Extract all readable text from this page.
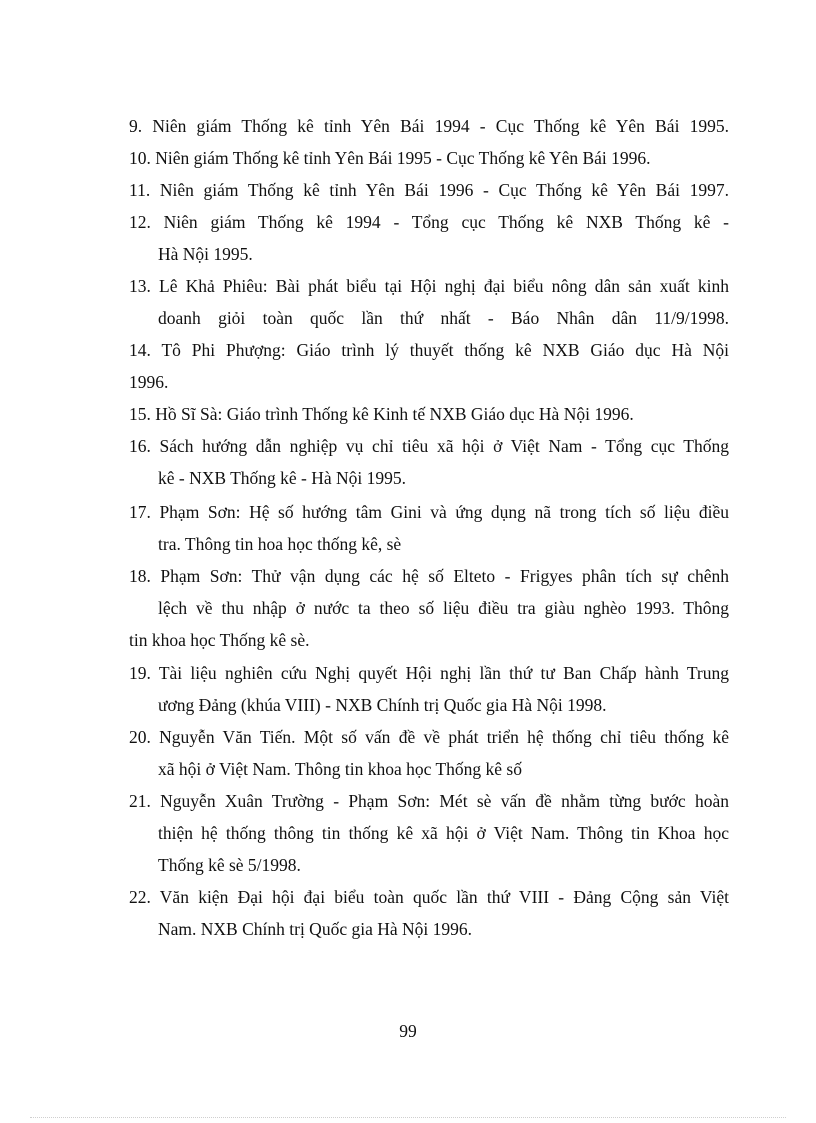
9. Niên giám Thống kê tỉnh Yên Bái 1994 - Cục Thống kê Yên Bái 1995.
10. Niên giám Thống kê tỉnh Yên Bái 1995 - Cục Thống kê Yên Bái 1996.
11. Niên giám Thống kê tỉnh Yên Bái 1996 - Cục Thống kê Yên Bái 1997.
12. Niên giám Thống kê 1994 - Tổng cục Thống kê NXB Thống kê -
Hà Nội 1995.
13. Lê Khả Phiêu: Bài phát biểu tại Hội nghị đại biểu nông dân sản xuất kinh
doanh giỏi toàn quốc lần thứ nhất - Báo Nhân dân 11/9/1998.
14. Tô Phi Phượng: Giáo trình lý thuyết thống kê NXB Giáo dục Hà Nội
1996.
15. Hồ Sĩ Sà: Giáo trình Thống kê Kinh tế NXB Giáo dục Hà Nội 1996.
16. Sách hướng dẫn nghiệp vụ chỉ tiêu xã hội ở Việt Nam - Tổng cục Thống
kê - NXB Thống kê - Hà Nội 1995.
17. Phạm Sơn: Hệ số hướng tâm Gini và ứng dụng nã trong tích số liệu điều
tra. Thông tin hoa học thống kê, sè
18. Phạm Sơn: Thử vận dụng các hệ số Elteto - Frigyes phân tích sự chênh
lệch về thu nhập ở nước ta theo số liệu điều tra giàu nghèo 1993. Thông
tin khoa học Thống kê sè.
19. Tài liệu nghiên cứu Nghị quyết Hội nghị lần thứ tư Ban Chấp hành Trung
ương Đảng (khúa VIII) - NXB Chính trị Quốc gia Hà Nội 1998.
20. Nguyễn Văn Tiến. Một số vấn đề về phát triển hệ thống chỉ tiêu thống kê
xã hội ở Việt Nam. Thông tin khoa học Thống kê số
21. Nguyễn Xuân Trường - Phạm Sơn: Mét sè vấn đề nhằm từng bước hoàn
thiện hệ thống thông tin thống kê xã hội ở Việt Nam. Thông tin Khoa học
Thống kê sè 5/1998.
22. Văn kiện Đại hội đại biểu toàn quốc lần thứ VIII - Đảng Cộng sản Việt
Nam. NXB Chính trị Quốc gia Hà Nội 1996.
99
